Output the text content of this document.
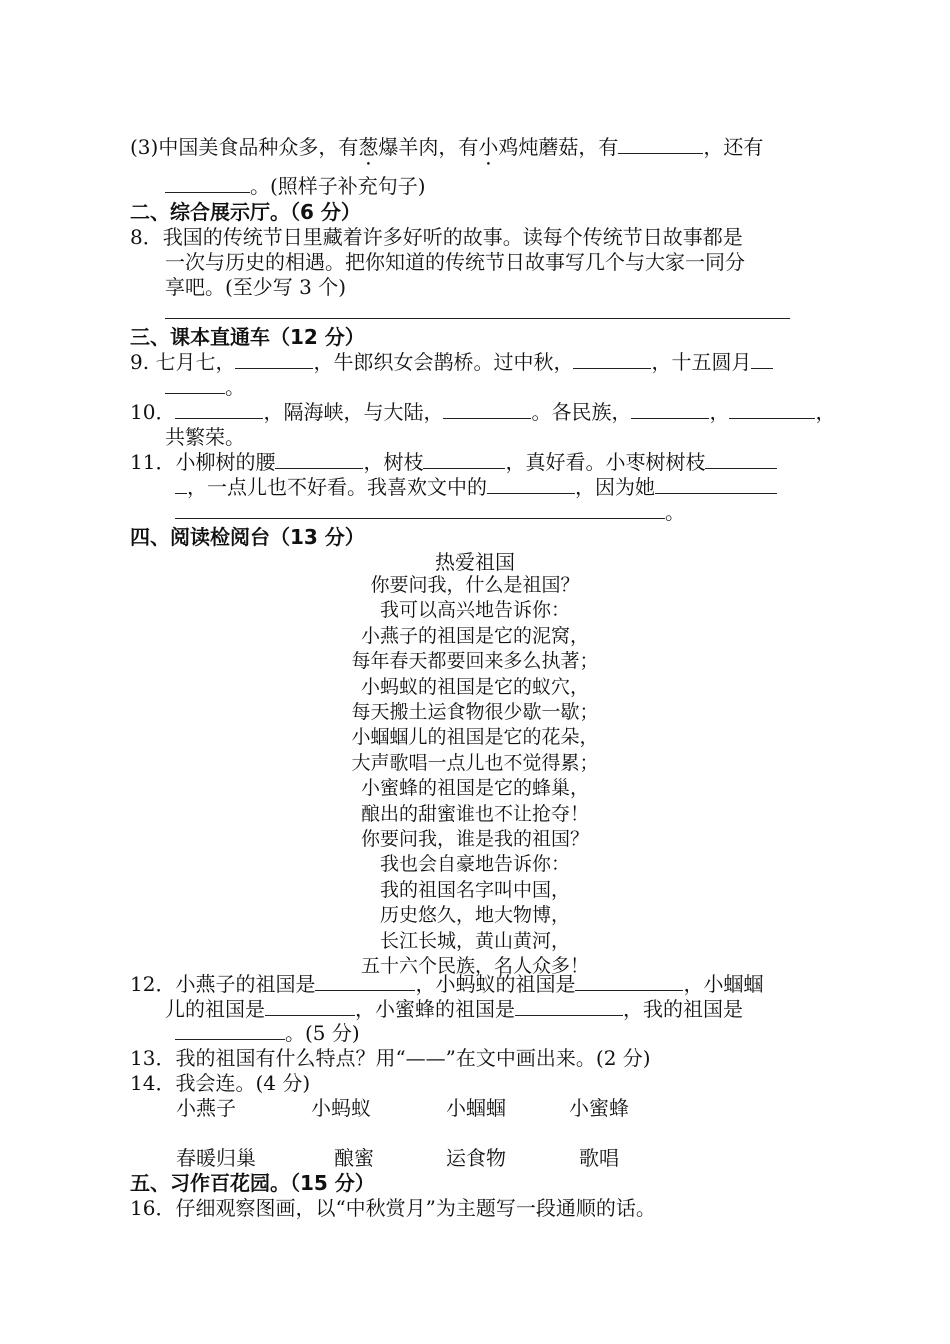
(3)中国美食品种众多，有葱爆羊肉，有小鸡炖蘑菇，有	，还有
。(照样子补充句子)
二、综合展示厅。（6 分）
8．我国的传统节日里藏着许多好听的故事。读每个传统节日故事都是
一次与历史的相遇。把你知道的传统节日故事写几个与大家一同分
享吧。(至少写 3 个)
三、课本直通车（12 分）
9. 七月七，	，牛郎织女会鹊桥。过中秋，	，十五圆月
。
10．	，隔海峡，与大陆，	。各民族，	，	，
共繁荣。
11．小柳树的腰	，树枝	，真好看。小枣树树枝
，一点儿也不好看。我喜欢文中的	，因为她
。
四、阅读检阅台（13 分）
热爱祖国
你要问我，什么是祖国？
我可以高兴地告诉你：
小燕子的祖国是它的泥窝，
每年春天都要回来多么执著；
小蚂蚁的祖国是它的蚁穴，
每天搬土运食物很少歇一歇；
小蝈蝈儿的祖国是它的花朵，
大声歌唱一点儿也不觉得累；
小蜜蜂的祖国是它的蜂巢，
酿出的甜蜜谁也不让抢夺！
你要问我，谁是我的祖国？
我也会自豪地告诉你：
我的祖国名字叫中国，
历史悠久，地大物博，
长江长城，黄山黄河，
五十六个民族，名人众多！
12．小燕子的祖国是	，小蚂蚁的祖国是	，小蝈蝈
儿的祖国是	，小蜜蜂的祖国是	，我的祖国是
。(5 分)
13．我的祖国有什么特点？用“——”在文中画出来。(2 分)
14．我会连。(4 分)
小燕子	小蚂蚁	小蝈蝈	小蜜蜂
春暖归巢	酿蜜	运食物	歌唱
五、习作百花园。（15 分）
16．仔细观察图画，以“中秋赏月”为主题写一段通顺的话。
